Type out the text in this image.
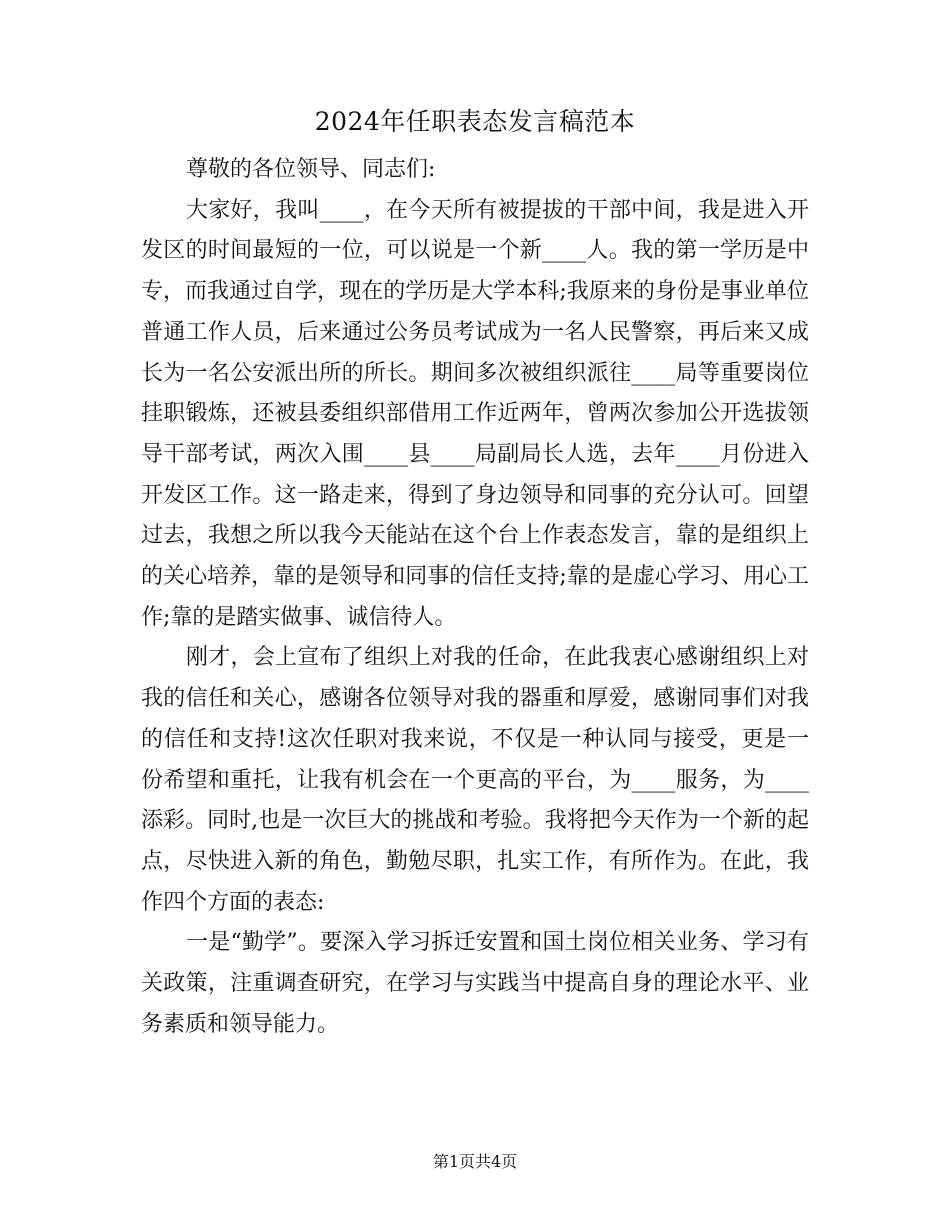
2024年任职表态发言稿范本

尊敬的各位领导、同志们:

大家好，我叫____，在今天所有被提拔的干部中间，我是进入开发区的时间最短的一位，可以说是一个新____人。我的第一学历是中专，而我通过自学，现在的学历是大学本科;我原来的身份是事业单位普通工作人员，后来通过公务员考试成为一名人民警察，再后来又成长为一名公安派出所的所长。期间多次被组织派往____局等重要岗位挂职锻炼，还被县委组织部借用工作近两年，曾两次参加公开选拔领导干部考试，两次入围____县____局副局长人选，去年____月份进入开发区工作。这一路走来，得到了身边领导和同事的充分认可。回望过去，我想之所以我今天能站在这个台上作表态发言，靠的是组织上的关心培养，靠的是领导和同事的信任支持;靠的是虚心学习、用心工作;靠的是踏实做事、诚信待人。

刚才，会上宣布了组织上对我的任命，在此我衷心感谢组织上对我的信任和关心，感谢各位领导对我的器重和厚爱，感谢同事们对我的信任和支持!这次任职对我来说，不仅是一种认同与接受，更是一份希望和重托，让我有机会在一个更高的平台，为____服务，为____添彩。同时,也是一次巨大的挑战和考验。我将把今天作为一个新的起点，尽快进入新的角色，勤勉尽职，扎实工作，有所作为。在此，我作四个方面的表态:

一是“勤学”。要深入学习拆迁安置和国土岗位相关业务、学习有关政策，注重调查研究，在学习与实践当中提高自身的理论水平、业务素质和领导能力。

第1页共4页
